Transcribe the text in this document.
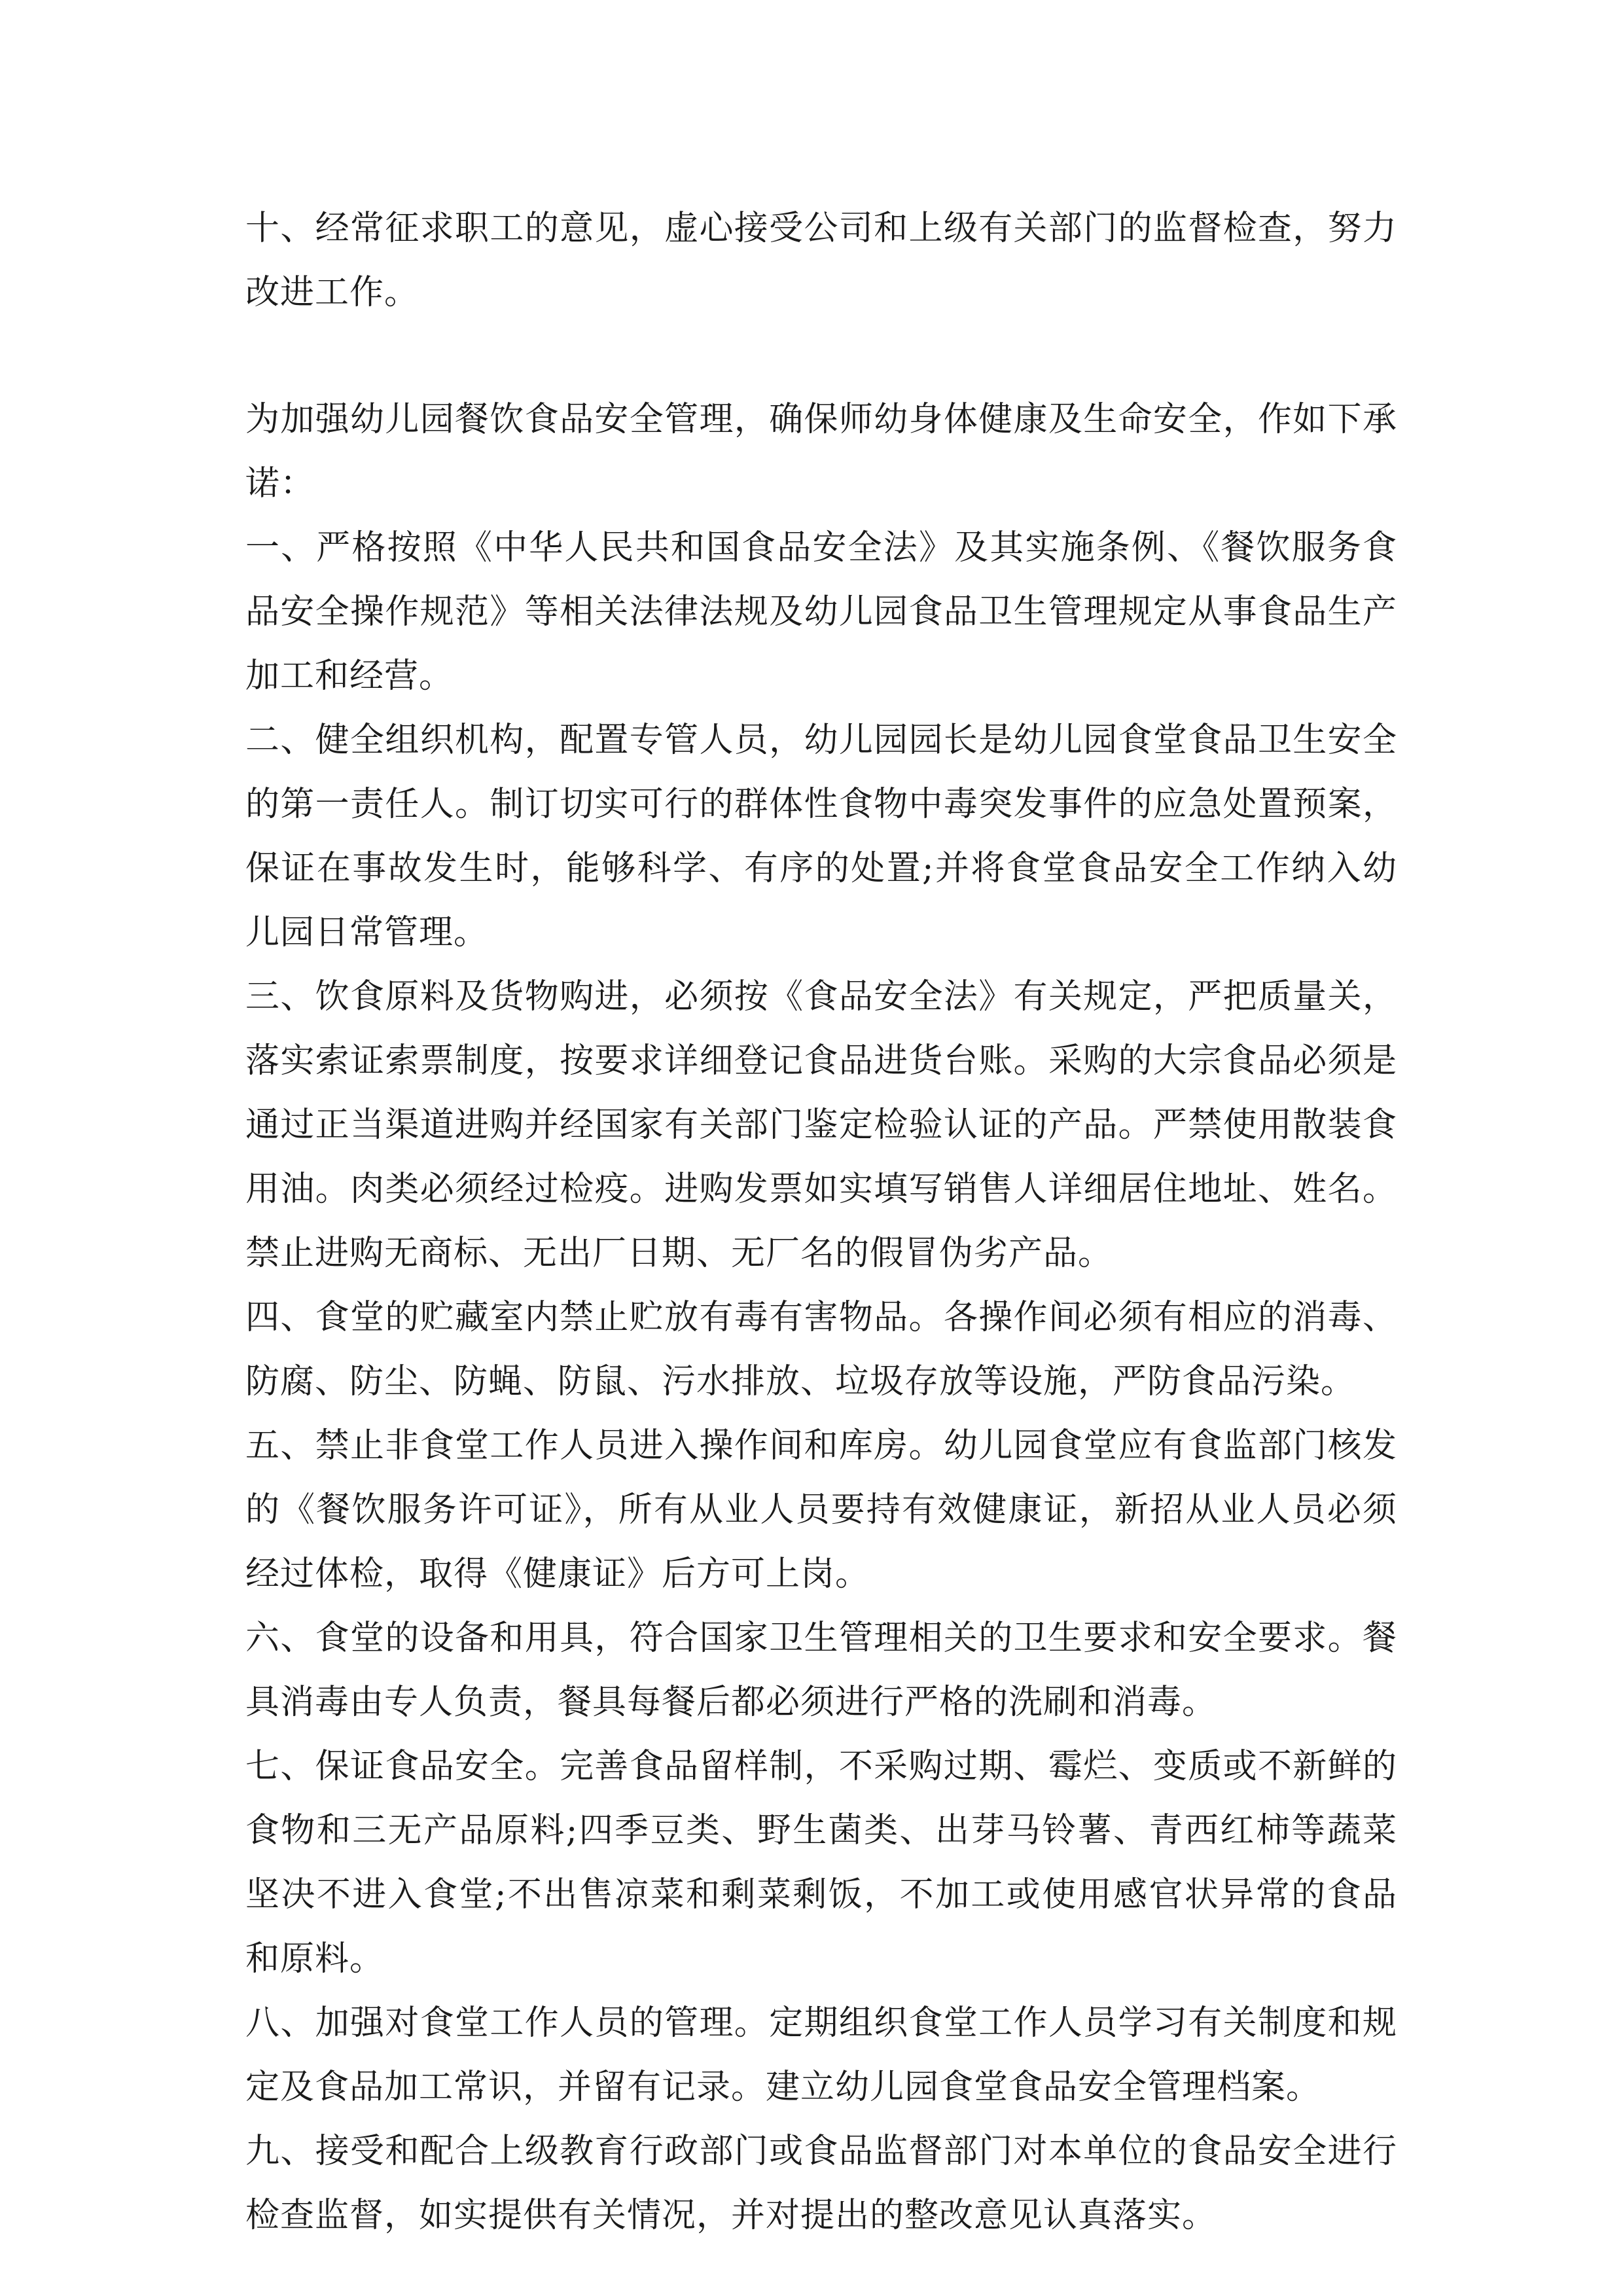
十、经常征求职工的意见，虚心接受公司和上级有关部门的监督检查，努力改进工作。

为加强幼儿园餐饮食品安全管理，确保师幼身体健康及生命安全，作如下承诺：

一、严格按照《中华人民共和国食品安全法》及其实施条例、《餐饮服务食品安全操作规范》等相关法律法规及幼儿园食品卫生管理规定从事食品生产加工和经营。

二、健全组织机构，配置专管人员，幼儿园园长是幼儿园食堂食品卫生安全的第一责任人。制订切实可行的群体性食物中毒突发事件的应急处置预案，保证在事故发生时，能够科学、有序的处置;并将食堂食品安全工作纳入幼儿园日常管理。

三、饮食原料及货物购进，必须按《食品安全法》有关规定，严把质量关，落实索证索票制度，按要求详细登记食品进货台账。采购的大宗食品必须是通过正当渠道进购并经国家有关部门鉴定检验认证的产品。严禁使用散装食用油。肉类必须经过检疫。进购发票如实填写销售人详细居住地址、姓名。禁止进购无商标、无出厂日期、无厂名的假冒伪劣产品。

四、食堂的贮藏室内禁止贮放有毒有害物品。各操作间必须有相应的消毒、防腐、防尘、防蝇、防鼠、污水排放、垃圾存放等设施，严防食品污染。

五、禁止非食堂工作人员进入操作间和库房。幼儿园食堂应有食监部门核发的《餐饮服务许可证》，所有从业人员要持有效健康证，新招从业人员必须经过体检，取得《健康证》后方可上岗。

六、食堂的设备和用具，符合国家卫生管理相关的卫生要求和安全要求。餐具消毒由专人负责，餐具每餐后都必须进行严格的洗刷和消毒。

七、保证食品安全。完善食品留样制，不采购过期、霉烂、变质或不新鲜的食物和三无产品原料;四季豆类、野生菌类、出芽马铃薯、青西红柿等蔬菜坚决不进入食堂;不出售凉菜和剩菜剩饭，不加工或使用感官状异常的食品和原料。

八、加强对食堂工作人员的管理。定期组织食堂工作人员学习有关制度和规定及食品加工常识，并留有记录。建立幼儿园食堂食品安全管理档案。

九、接受和配合上级教育行政部门或食品监督部门对本单位的食品安全进行检查监督，如实提供有关情况，并对提出的整改意见认真落实。
